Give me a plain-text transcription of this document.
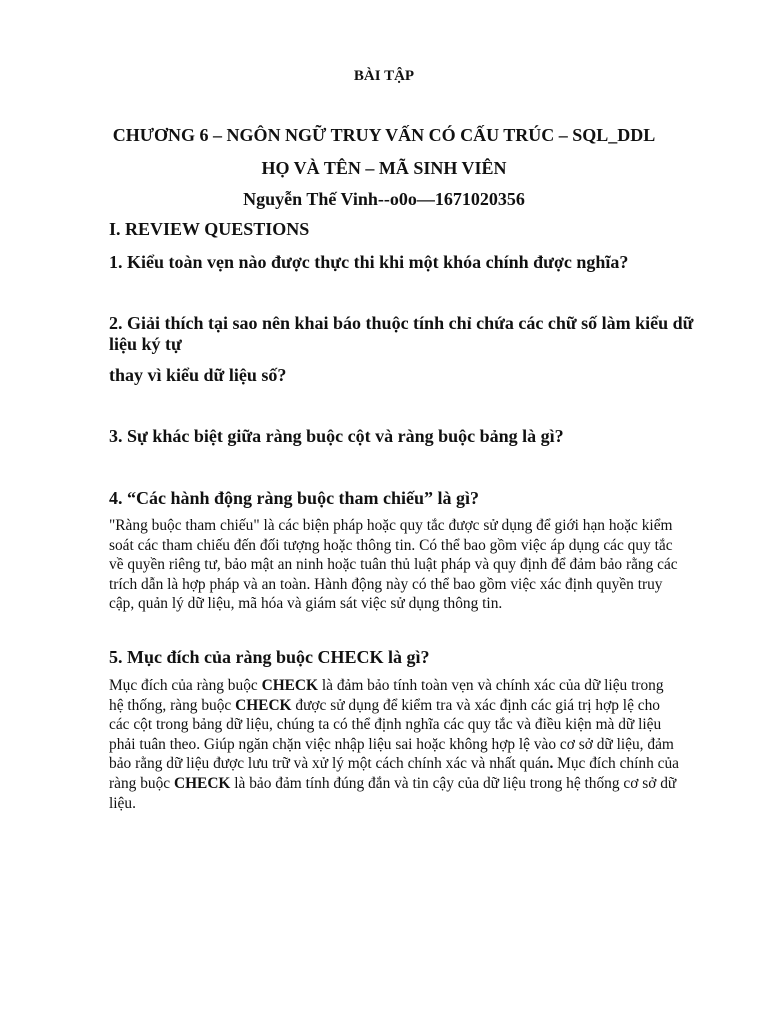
BÀI TẬP
CHƯƠNG 6 – NGÔN NGỮ TRUY VẤN CÓ CẤU TRÚC – SQL_DDL
HỌ VÀ TÊN – MÃ SINH VIÊN
Nguyễn Thế Vinh--o0o—1671020356
I. REVIEW QUESTIONS
1. Kiểu toàn vẹn nào được thực thi khi một khóa chính được nghĩa?
2. Giải thích tại sao nên khai báo thuộc tính chỉ chứa các chữ số làm kiểu dữ liệu ký tự
thay vì kiểu dữ liệu số?
3. Sự khác biệt giữa ràng buộc cột và ràng buộc bảng là gì?
4. “Các hành động ràng buộc tham chiếu” là gì?
"Ràng buộc tham chiếu" là các biện pháp hoặc quy tắc được sử dụng để giới hạn hoặc kiểm soát các tham chiếu đến đối tượng hoặc thông tin. Có thể bao gồm việc áp dụng các quy tắc về quyền riêng tư, bảo mật an ninh hoặc tuân thủ luật pháp và quy định để đảm bảo rằng các trích dẫn là hợp pháp và an toàn. Hành động này có thể bao gồm việc xác định quyền truy cập, quản lý dữ liệu, mã hóa và giám sát việc sử dụng thông tin.
5. Mục đích của ràng buộc CHECK là gì?
Mục đích của ràng buộc CHECK là đảm bảo tính toàn vẹn và chính xác của dữ liệu trong hệ thống, ràng buộc CHECK được sử dụng để kiểm tra và xác định các giá trị hợp lệ cho các cột trong bảng dữ liệu, chúng ta có thể định nghĩa các quy tắc và điều kiện mà dữ liệu phải tuân theo. Giúp ngăn chặn việc nhập liệu sai hoặc không hợp lệ vào cơ sở dữ liệu, đảm bảo rằng dữ liệu được lưu trữ và xử lý một cách chính xác và nhất quán. Mục đích chính của ràng buộc CHECK là bảo đảm tính đúng đắn và tin cậy của dữ liệu trong hệ thống cơ sở dữ liệu.
